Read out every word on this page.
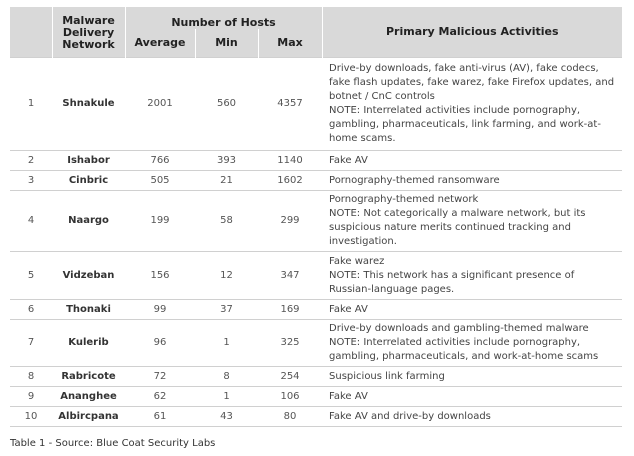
	Malware Delivery Network	Number of Hosts			Primary Malicious Activities
		Average	Min	Max	
1	Shnakule	2001	560	4357	Drive-by downloads, fake anti-virus (AV), fake codecs, fake flash updates, fake warez, fake Firefox updates, and botnet / CnC controls
NOTE: Interrelated activities include pornography, gambling, pharmaceuticals, link farming, and work-at-home scams.

2	Ishabor	766	393	1140	Fake AV

3	Cinbric	505	21	1602	Pornography-themed ransomware

4	Naargo	199	58	299	Pornography-themed network
NOTE: Not categorically a malware network, but its suspicious nature merits continued tracking and investigation.

5	Vidzeban	156	12	347	Fake warez
NOTE: This network has a significant presence of Russian-language pages.

6	Thonaki	99	37	169	Fake AV

7	Kulerib	96	1	325	Drive-by downloads and gambling-themed malware
NOTE: Interrelated activities include pornography, gambling, pharmaceuticals, and work-at-home scams

8	Rabricote	72	8	254	Suspicious link farming

9	Ananghee	62	1	106	Fake AV

10	Albircpana	61	43	80	Fake AV and drive-by downloads
Table 1 - Source: Blue Coat Security Labs
